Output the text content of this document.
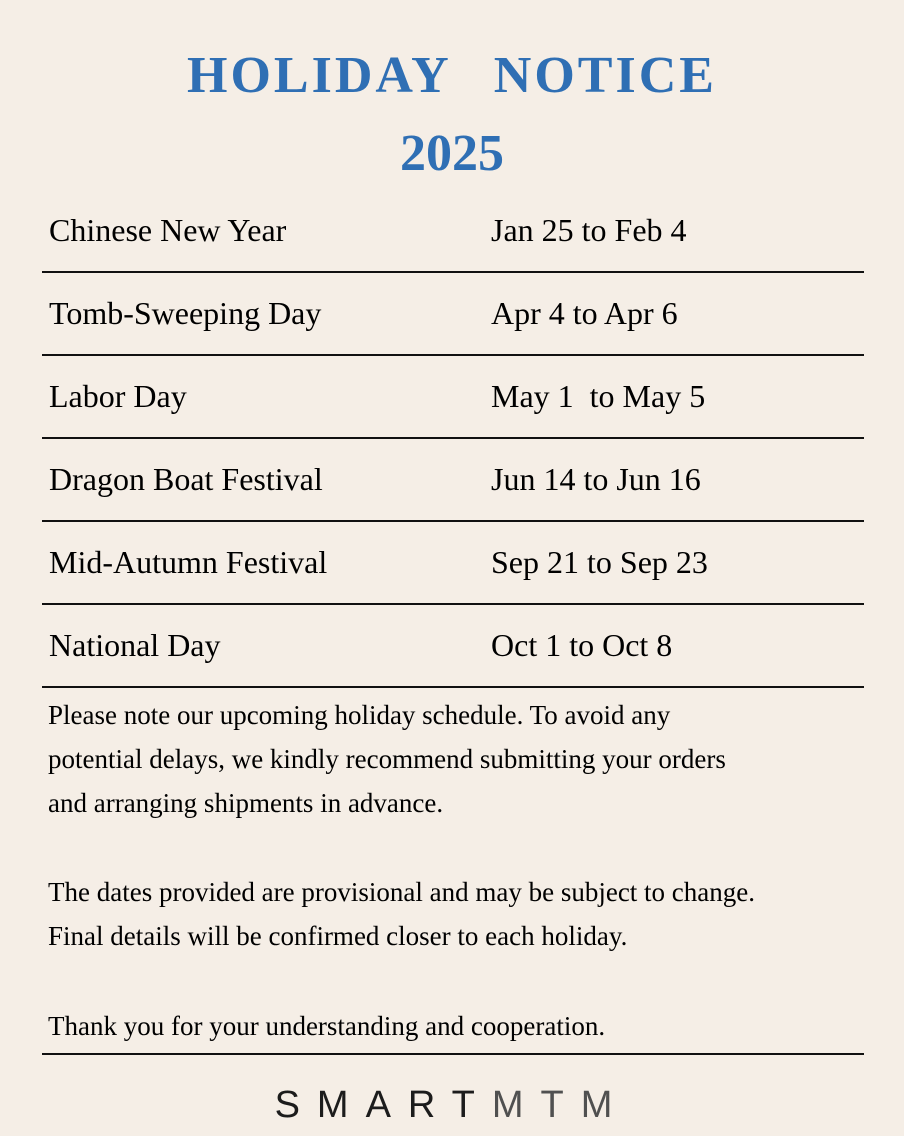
HOLIDAY  NOTICE
2025
Chinese New Year	Jan 25 to Feb 4
Tomb-Sweeping Day	Apr 4 to Apr 6
Labor Day	May 1  to May 5
Dragon Boat Festival	Jun 14 to Jun 16
Mid-Autumn Festival	Sep 21 to Sep 23
National Day	Oct 1 to Oct 8
Please note our upcoming holiday schedule. To avoid any
potential delays, we kindly recommend submitting your orders
and arranging shipments in advance.
The dates provided are provisional and may be subject to change.
Final details will be confirmed closer to each holiday.
Thank you for your understanding and cooperation.
SMARTMTM
